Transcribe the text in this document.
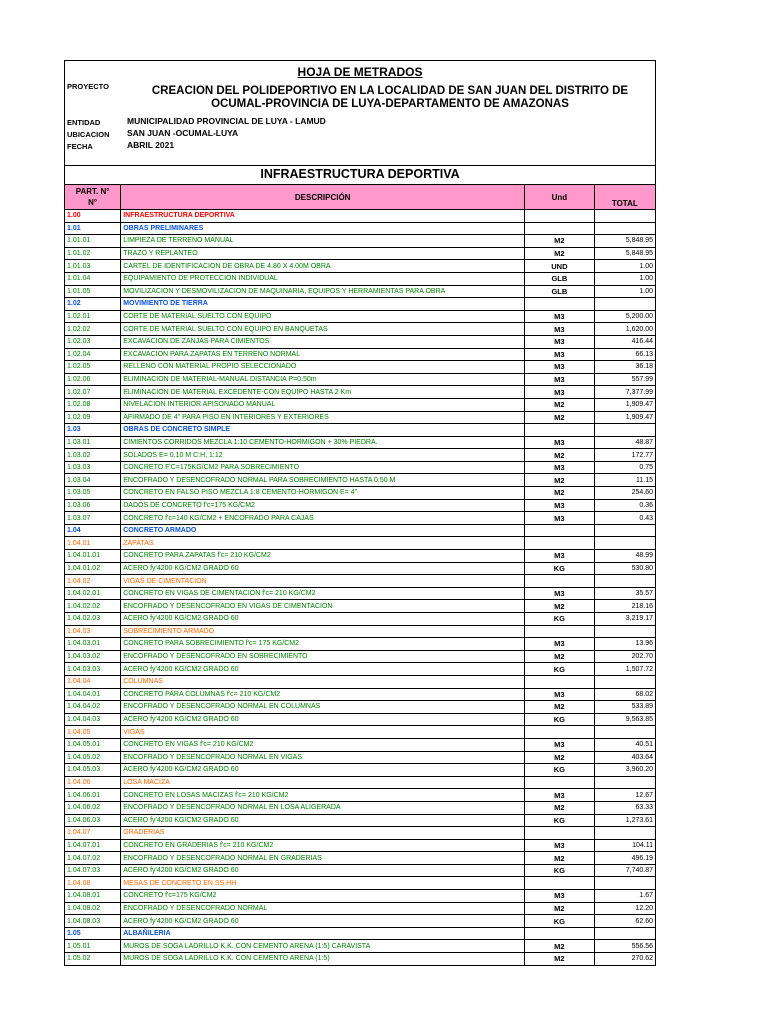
HOJA DE METRADOS
PROYECTO	CREACION DEL POLIDEPORTIVO EN LA LOCALIDAD DE SAN JUAN DEL DISTRITO DE OCUMAL-PROVINCIA DE LUYA-DEPARTAMENTO DE AMAZONAS
ENTIDAD	MUNICIPALIDAD PROVINCIAL DE LUYA - LAMUD
UBICACION SAN JUAN -OCUMAL-LUYA
FECHA	ABRIL 2021
INFRAESTRUCTURA DEPORTIVA
PART. N°
N°	DESCRIPCIÓN	Und	TOTAL
1.00	INFRAESTRUCTURA DEPORTIVA		
1.01	OBRAS PRELIMINARES		
1.01.01	LIMPIEZA DE TERRENO MANUAL	M2	5,848.95
1.01.02	TRAZO Y REPLANTEO	M2	5,848.95
1.01.03	CARTEL DE IDENTIFICACION DE OBRA DE 4.80 X 4.00M OBRA	UND	1.00
1.01.04	EQUIPAMIENTO DE PROTECCION INDIVIDUAL	GLB	1.00
1.01.05	MOVILIZACION Y DESMOVILIZACION DE MAQUINARIA, EQUIPOS Y HERRAMIENTAS PARA OBRA	GLB	1.00
1.02	MOVIMIENTO DE TIERRA		
1.02.01	CORTE DE MATERIAL SUELTO CON EQUIPO	M3	5,200.00
1.02.02	CORTE DE MATERIAL SUELTO CON EQUIPO EN BANQUETAS	M3	1,620.00
1.02.03	EXCAVACION DE ZANJAS PARA CIMIENTOS	M3	416.44
1.02.04	EXCAVACION PARA ZAPATAS EN TERRENO NORMAL	M3	66.13
1.02.05	RELLENO CON MATERIAL PROPIO SELECCIONADO	M3	36.18
1.02.06	ELIMINACION DE MATERIAL-MANUAL DISTANCIA P=0.50m	M3	557.99
1.02.07	ELIMINACION DE MATERIAL EXCEDENTE-CON EQUIPO HASTA 2 Km	M3	7,377.99
1.02.08	NIVELACION INTERIOR APISONADO MANUAL	M2	1,909.47
1.02.09	AFIRMADO DE 4" PARA PISO EN INTERIORES Y EXTERIORES	M2	1,909.47
1.03	OBRAS DE CONCRETO SIMPLE		
1.03.01	CIMIENTOS CORRIDOS MEZCLA 1:10 CEMENTO-HORMIGON + 30% PIEDRA.	M3	48.87
1.03.02	SOLADOS E= 0.10 M C:H, 1:12	M2	172.77
1.03.03	CONCRETO F'C=175KG/CM2 PARA SOBRECIMIENTO	M3	0.75
1.03.04	ENCOFRADO Y DESENCOFRADO NORMAL PARA SOBRECIMIENTO HASTA 0.50 M	M2	11.15
1.03.05	CONCRETO EN FALSO PISO MEZCLA 1:8 CEMENTO-HORMIGON E= 4"	M2	254.60
1.03.06	DADOS DE CONCRETO f'c=175 KG/CM2	M3	0.36
1.03.07	CONCRETO f'c=140 KG/CM2 + ENCOFRADO PARA CAJAS	M3	0.43
1.04	CONCRETO ARMADO		
1.04.01	ZAPATAS		
1.04.01.01	CONCRETO PARA ZAPATAS f'c= 210 KG/CM2	M3	48.99
1.04.01.02	ACERO fy'4200 KG/CM2 GRADO 60	KG	530.80
1.04.02	VIGAS DE CIMENTACION		
1.04.02.01	CONCRETO EN VIGAS DE CIMENTACION f'c= 210 KG/CM2	M3	35.57
1.04.02.02	ENCOFRADO Y DESENCOFRADO EN VIGAS DE CIMENTACION	M2	218.16
1.04.02.03	ACERO fy'4200 KG/CM2 GRADO 60	KG	3,219.17
1.04.03	SOBRECIMIENTO ARMADO		
1.04.03.01	CONCRETO PARA SOBRECIMIENTO f'c= 175 KG/CM2	M3	13.96
1.04.03.02	ENCOFRADO Y DESENCOFRADO EN SOBRECIMIENTO	M2	202.70
1.04.03.03	ACERO fy'4200 KG/CM2 GRADO 60	KG	1,507.72
1.04.04	COLUMNAS		
1.04.04.01	CONCRETO PARA COLUMNAS f'c= 210 KG/CM2	M3	68.02
1.04.04.02	ENCOFRADO Y DESENCOFRADO NORMAL EN COLUMNAS	M2	533.89
1.04.04.03	ACERO fy'4200 KG/CM2 GRADO 60	KG	9,563.85
1.04.05	VIGAS		
1.04.05.01	CONCRETO EN VIGAS f'c= 210 KG/CM2	M3	40.51
1.04.05.02	ENCOFRADO Y DESENCOFRADO NORMAL EN VIGAS	M2	403.64
1.04.05.03	ACERO fy'4200 KG/CM2 GRADO 60	KG	3,960.20
1.04.06	LOSA MACIZA		
1.04.06.01	CONCRETO EN LOSAS MACIZAS f'c= 210 KG/CM2	M3	12.67
1.04.06.02	ENCOFRADO Y DESENCOFRADO NORMAL EN LOSA ALIGERADA	M2	63.33
1.04.06.03	ACERO fy'4200 KG/CM2 GRADO 60	KG	1,273.61
1.04.07	GRADERIAS		
1.04.07.01	CONCRETO EN GRADERIAS f'c= 210 KG/CM2	M3	104.11
1.04.07.02	ENCOFRADO Y DESENCOFRADO NORMAL EN GRADERIAS	M2	496.19
1.04.07.03	ACERO fy'4200 KG/CM2 GRADO 60	KG	7,740.87
1.04.08	MESAS DE CONCRETO EN SS.HH.		
1.04.08.01	CONCRETO f'c=175 KG/CM2	M3	1.67
1.04.08.02	ENCOFRADO Y DESENCOFRADO NORMAL	M2	12.20
1.04.08.03	ACERO fy'4200 KG/CM2 GRADO 60	KG	62.60
1.05	ALBAÑILERIA		
1.05.01	MUROS DE SOGA LADRILLO K.K. CON CEMENTO ARENA (1:5) CARAVISTA	M2	556.56
1.05.02	MUROS DE SOGA LADRILLO K.K. CON CEMENTO ARENA (1:5)	M2	270.62
